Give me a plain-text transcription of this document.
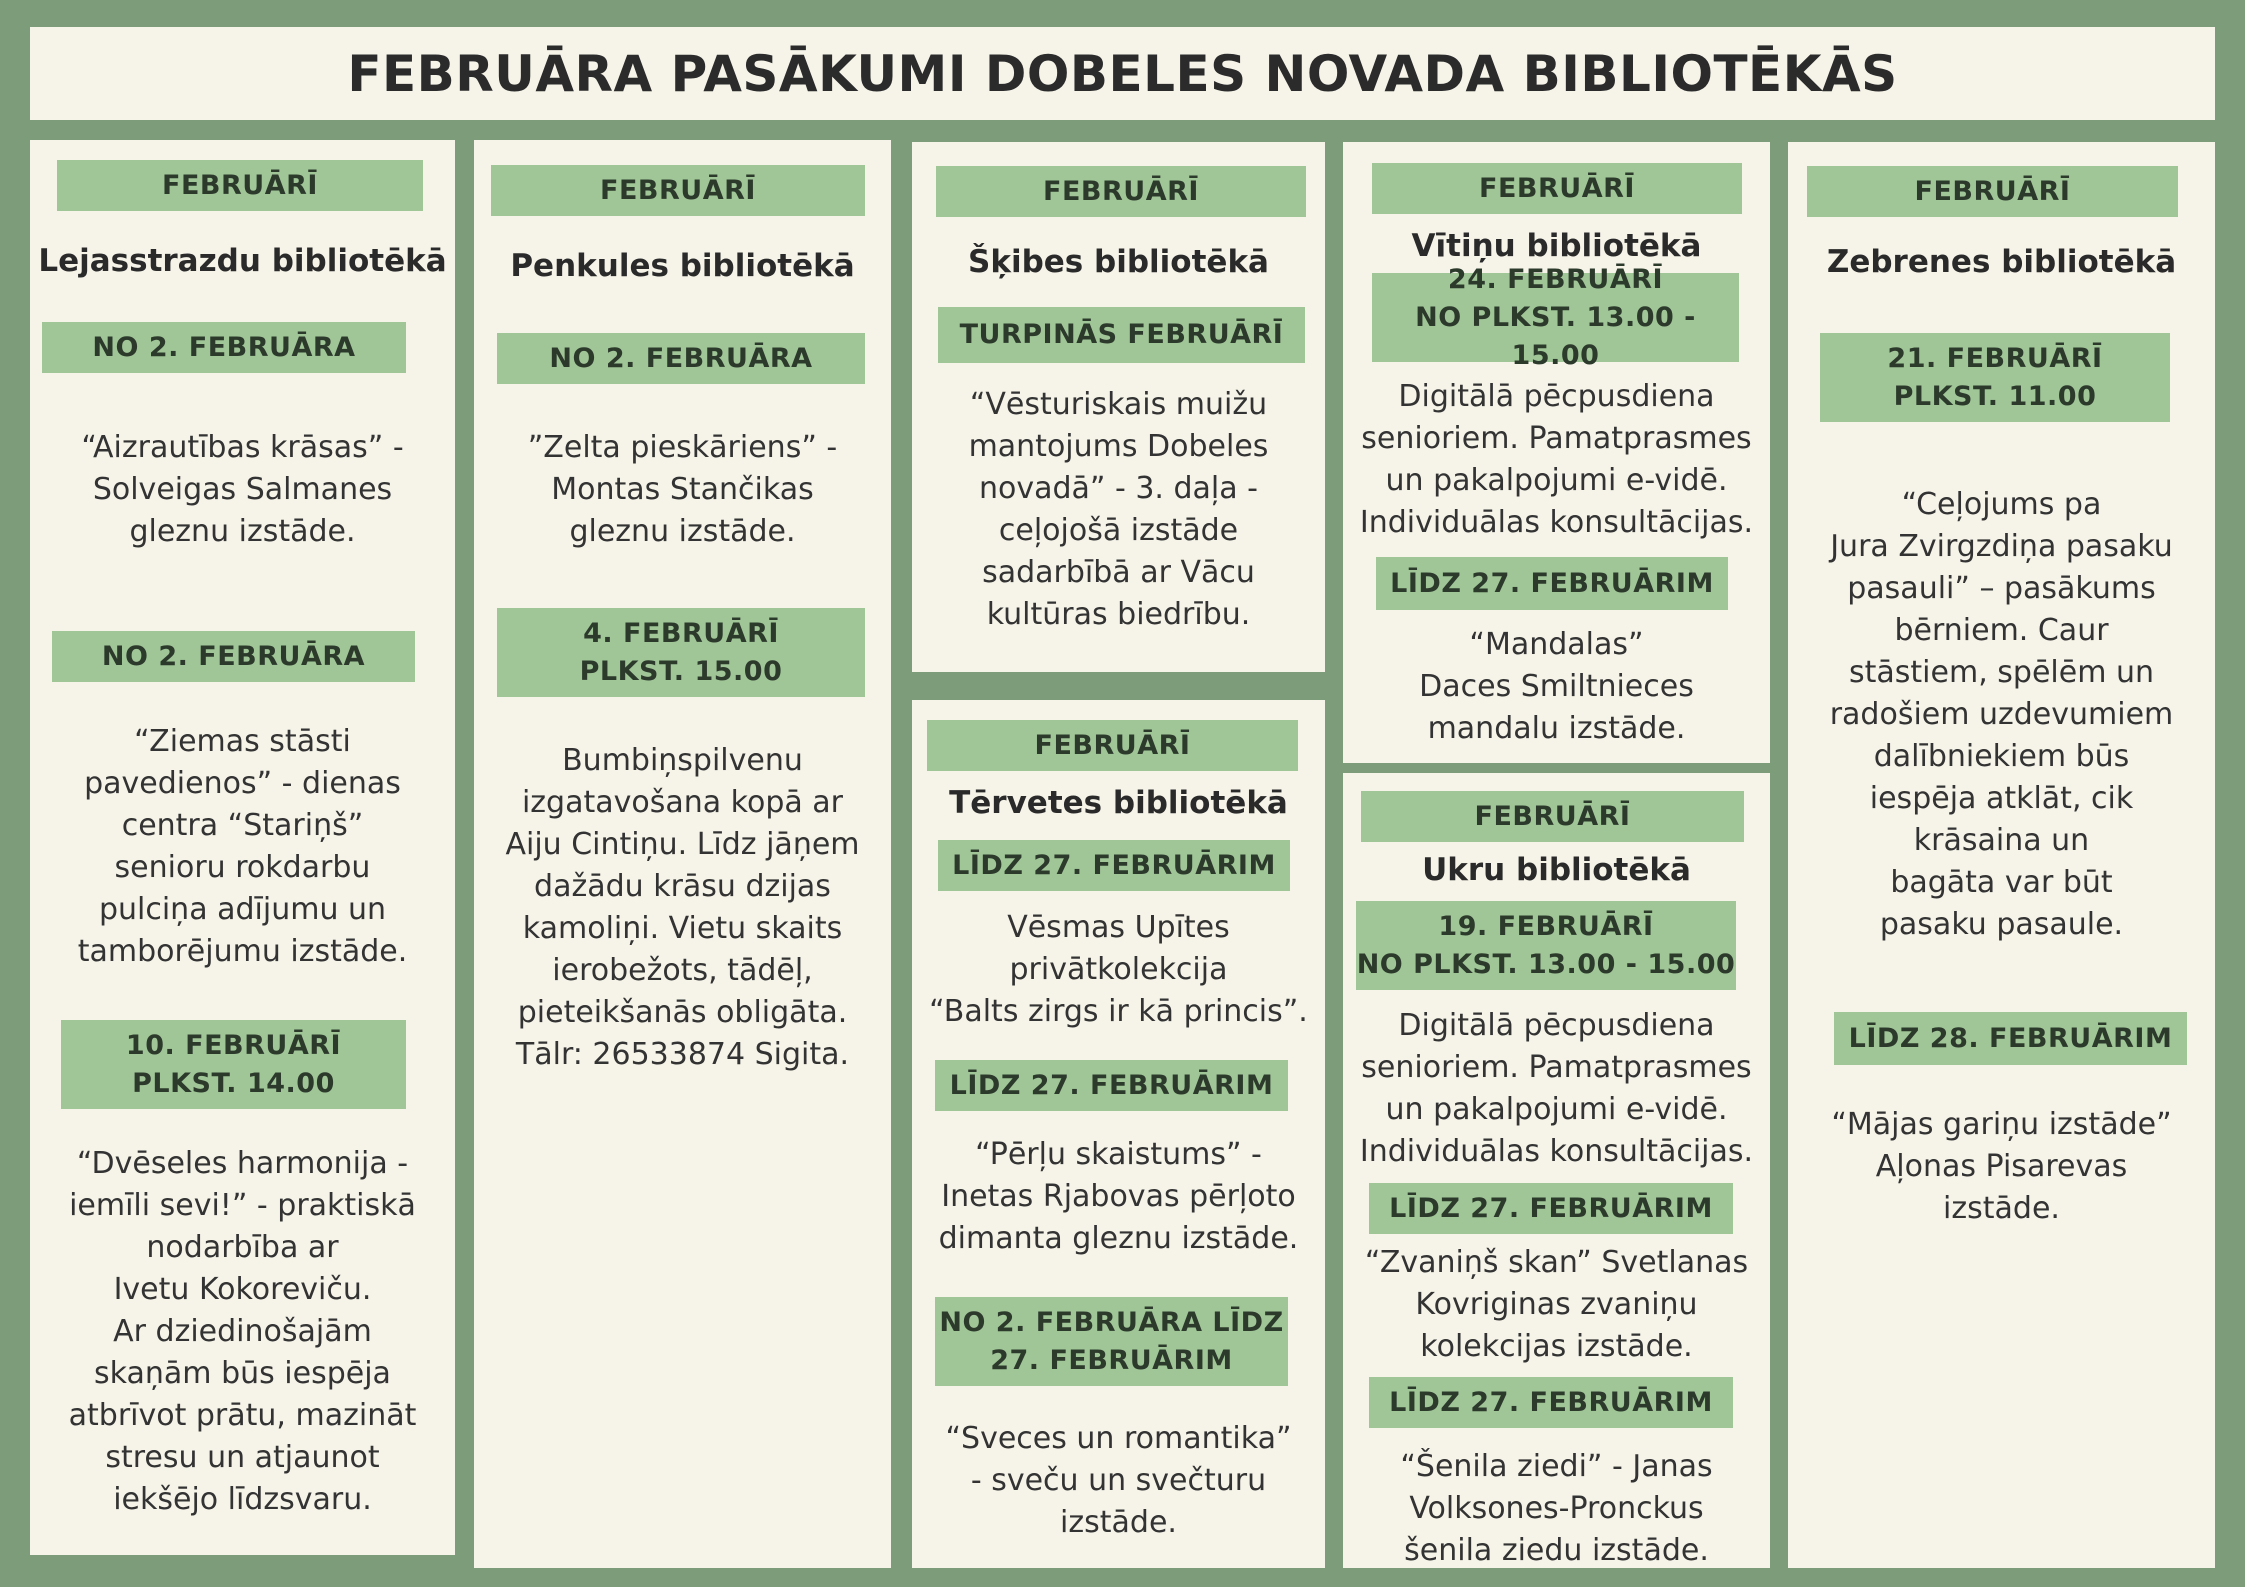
FEBRUĀRA PASĀKUMI DOBELES NOVADA BIBLIOTĒKĀS
FEBRUĀRĪ
Lejasstrazdu bibliotēkā
NO 2. FEBRUĀRA
“Aizrautības krāsas” -
Solveigas Salmanes
gleznu izstāde.
NO 2. FEBRUĀRA
“Ziemas stāsti
pavedienos” - dienas
centra “Stariņš”
senioru rokdarbu
pulciņa adījumu un
tamborējumu izstāde.
10. FEBRUĀRĪ
PLKST. 14.00
“Dvēseles harmonija -
iemīli sevi!” - praktiskā
nodarbība ar
Ivetu Kokoreviču.
Ar dziedinošajām
skaņām būs iespēja
atbrīvot prātu, mazināt
stresu un atjaunot
iekšējo līdzsvaru.
FEBRUĀRĪ
Penkules bibliotēkā
NO 2. FEBRUĀRA
”Zelta pieskāriens” -
Montas Stančikas
gleznu izstāde.
4. FEBRUĀRĪ
PLKST. 15.00
Bumbiņspilvenu
izgatavošana kopā ar
Aiju Cintiņu. Līdz jāņem
dažādu krāsu dzijas
kamoliņi. Vietu skaits
ierobežots, tādēļ,
pieteikšanās obligāta.
Tālr: 26533874 Sigita.
FEBRUĀRĪ
Šķibes bibliotēkā
TURPINĀS FEBRUĀRĪ
“Vēsturiskais muižu
mantojums Dobeles
novadā” - 3. daļa -
ceļojošā izstāde
sadarbībā ar Vācu
kultūras biedrību.
FEBRUĀRĪ
Tērvetes bibliotēkā
LĪDZ 27. FEBRUĀRIM
Vēsmas Upītes
privātkolekcija
“Balts zirgs ir kā princis”.
LĪDZ 27. FEBRUĀRIM
“Pērļu skaistums” -
Inetas Rjabovas pērļoto
dimanta gleznu izstāde.
NO 2. FEBRUĀRA LĪDZ
27. FEBRUĀRIM
“Sveces un romantika”
- sveču un svečturu
izstāde.
FEBRUĀRĪ
Vītiņu bibliotēkā
24. FEBRUĀRĪ
NO PLKST. 13.00 - 15.00
Digitālā pēcpusdiena
senioriem. Pamatprasmes
un pakalpojumi e-vidē.
Individuālas konsultācijas.
LĪDZ 27. FEBRUĀRIM
“Mandalas”
Daces Smiltnieces
mandalu izstāde.
FEBRUĀRĪ
Ukru bibliotēkā
19. FEBRUĀRĪ
NO PLKST. 13.00 - 15.00
Digitālā pēcpusdiena
senioriem. Pamatprasmes
un pakalpojumi e-vidē.
Individuālas konsultācijas.
LĪDZ 27. FEBRUĀRIM
“Zvaniņš skan” Svetlanas
Kovriginas zvaniņu
kolekcijas izstāde.
LĪDZ 27. FEBRUĀRIM
“Šenila ziedi” - Janas
Volksones-Pronckus
šenila ziedu izstāde.
FEBRUĀRĪ
Zebrenes bibliotēkā
21. FEBRUĀRĪ
PLKST. 11.00
“Ceļojums pa
Jura Zvirgzdiņa pasaku
pasauli” – pasākums
bērniem. Caur
stāstiem, spēlēm un
radošiem uzdevumiem
dalībniekiem būs
iespēja atklāt, cik
krāsaina un
bagāta var būt
pasaku pasaule.
LĪDZ 28. FEBRUĀRIM
“Mājas gariņu izstāde”
Aļonas Pisarevas
izstāde.
